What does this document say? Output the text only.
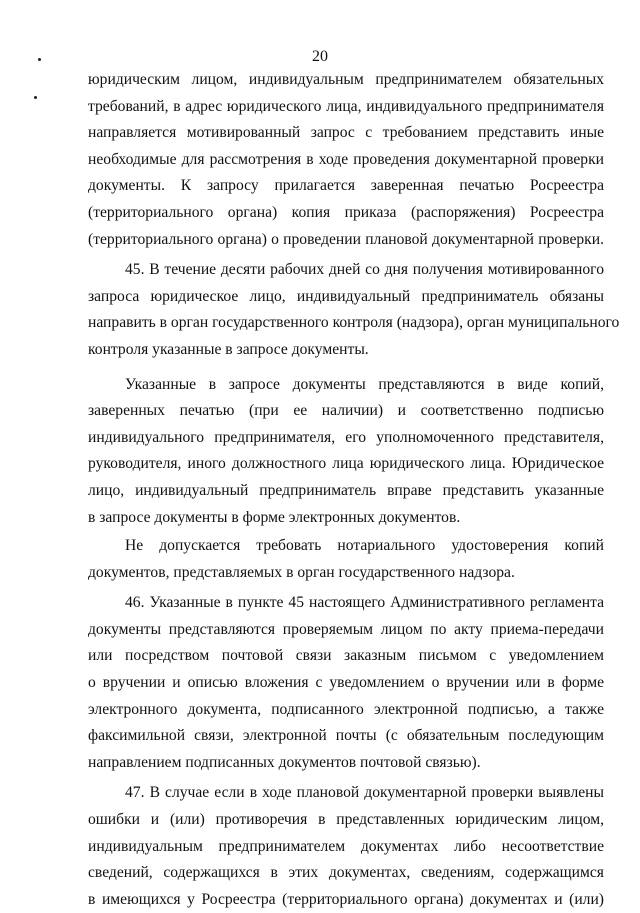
20
юридическим лицом, индивидуальным предпринимателем обязательных
требований, в адрес юридического лица, индивидуального предпринимателя
направляется мотивированный запрос с требованием представить иные
необходимые для рассмотрения в ходе проведения документарной проверки
документы. К запросу прилагается заверенная печатью Росреестра
(территориального органа) копия приказа (распоряжения) Росреестра
(территориального органа) о проведении плановой документарной проверки.
45. В течение десяти рабочих дней со дня получения мотивированного
запроса юридическое лицо, индивидуальный предприниматель обязаны
направить в орган государственного контроля (надзора), орган муниципального
контроля указанные в запросе документы.
Указанные в запросе документы представляются в виде копий,
заверенных печатью (при ее наличии) и соответственно подписью
индивидуального предпринимателя, его уполномоченного представителя,
руководителя, иного должностного лица юридического лица. Юридическое
лицо, индивидуальный предприниматель вправе представить указанные
в запросе документы в форме электронных документов.
Не допускается требовать нотариального удостоверения копий
документов, представляемых в орган государственного надзора.
46. Указанные в пункте 45 настоящего Административного регламента
документы представляются проверяемым лицом по акту приема-передачи
или посредством почтовой связи заказным письмом с уведомлением
о вручении и описью вложения с уведомлением о вручении или в форме
электронного документа, подписанного электронной подписью, а также
факсимильной связи, электронной почты (с обязательным последующим
направлением подписанных документов почтовой связью).
47. В случае если в ходе плановой документарной проверки выявлены
ошибки и (или) противоречия в представленных юридическим лицом,
индивидуальным предпринимателем документах либо несоответствие
сведений, содержащихся в этих документах, сведениям, содержащимся
в имеющихся у Росреестра (территориального органа) документах и (или)
